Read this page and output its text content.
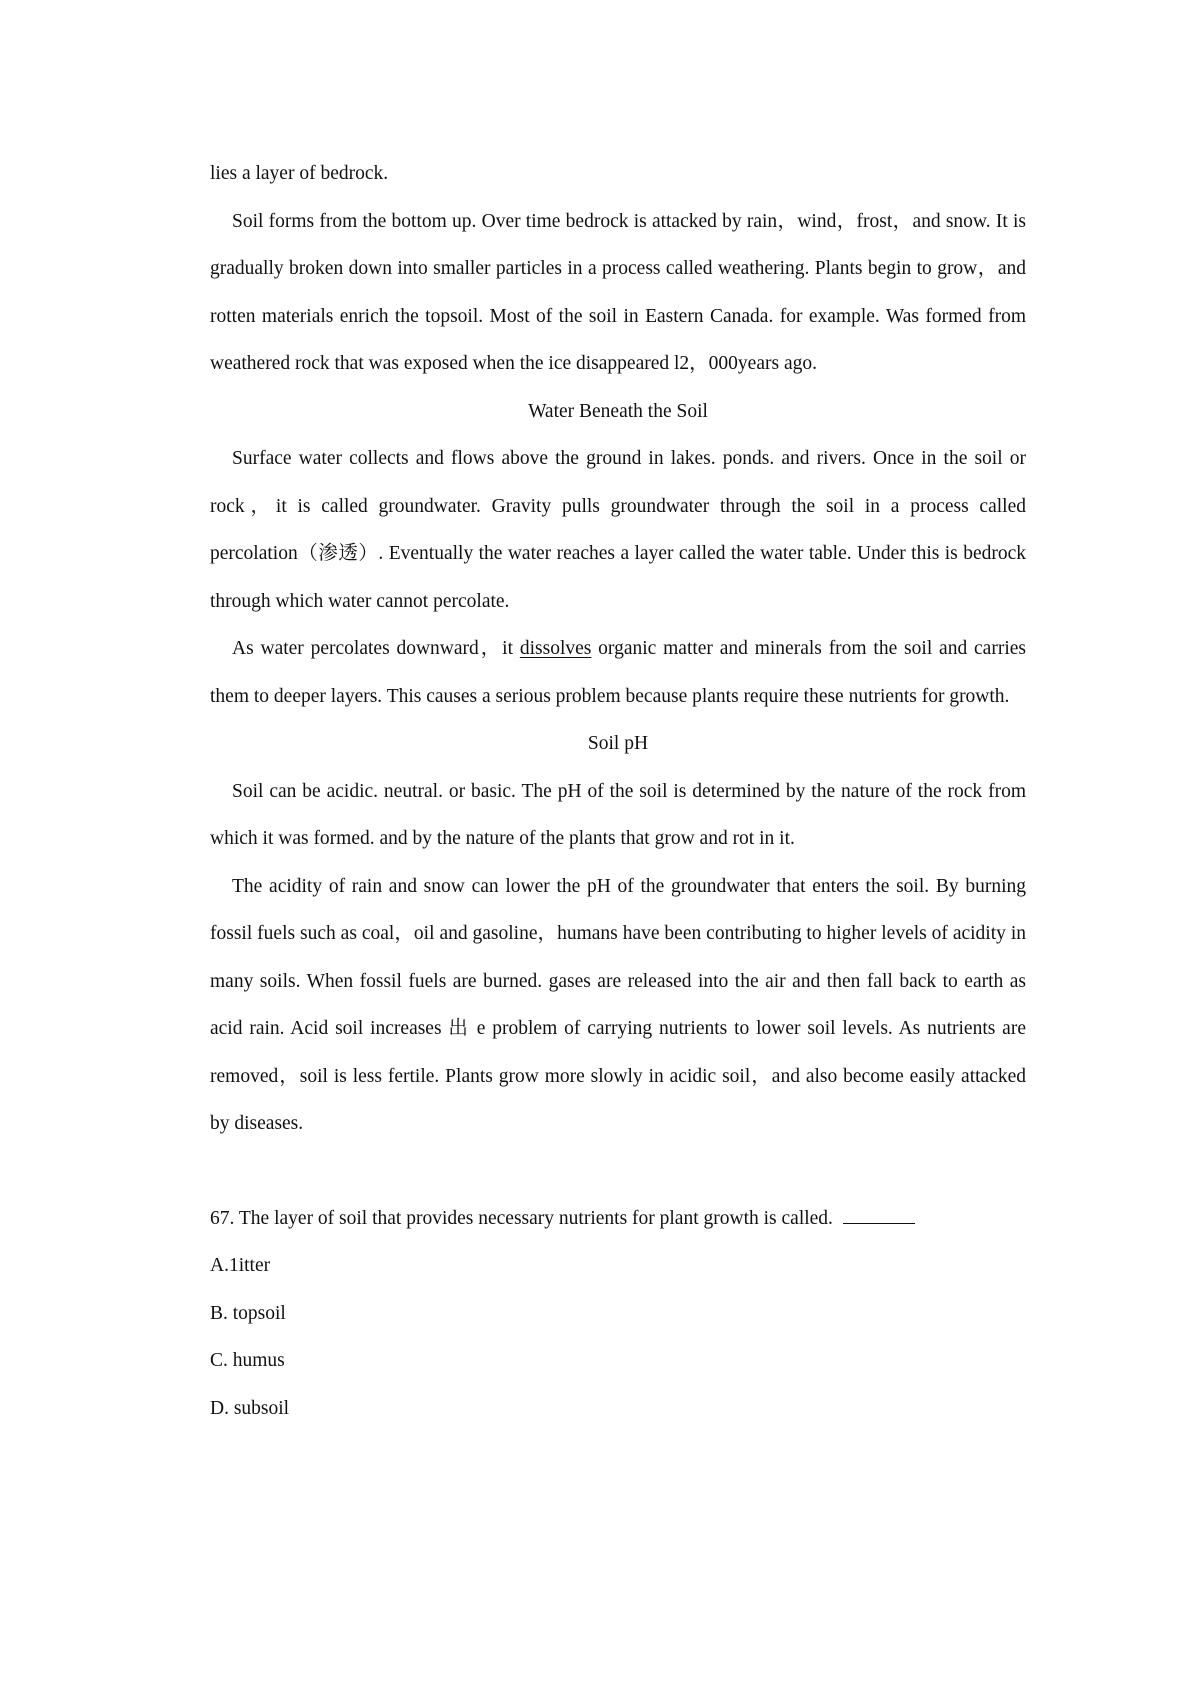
lies a layer of bedrock.

Soil forms from the bottom up. Over time bedrock is attacked by rain，wind，frost，and snow. It is gradually broken down into smaller particles in a process called weathering. Plants begin to grow，and rotten materials enrich the topsoil. Most of the soil in Eastern Canada. for example. Was formed from weathered rock that was exposed when the ice disappeared l2，000years ago.

Water Beneath the Soil

Surface water collects and flows above the ground in lakes. ponds. and rivers. Once in the soil or rock，it is called groundwater. Gravity pulls groundwater through the soil in a process called percolation（渗透）. Eventually the water reaches a layer called the water table. Under this is bedrock through which water cannot percolate.

As water percolates downward，it dissolves organic matter and minerals from the soil and carries them to deeper layers. This causes a serious problem because plants require these nutrients for growth.

Soil pH

Soil can be acidic. neutral. or basic. The pH of the soil is determined by the nature of the rock from which it was formed. and by the nature of the plants that grow and rot in it.

The acidity of rain and snow can lower the pH of the groundwater that enters the soil. By burning fossil fuels such as coal，oil and gasoline，humans have been contributing to higher levels of acidity in many soils. When fossil fuels are burned. gases are released into the air and then fall back to earth as acid rain. Acid soil increases 出 e problem of carrying nutrients to lower soil levels. As nutrients are removed，soil is less fertile. Plants grow more slowly in acidic soil，and also become easily attacked by diseases.

67. The layer of soil that provides necessary nutrients for plant growth is called.

A.1itter

B. topsoil

C. humus

D. subsoil
